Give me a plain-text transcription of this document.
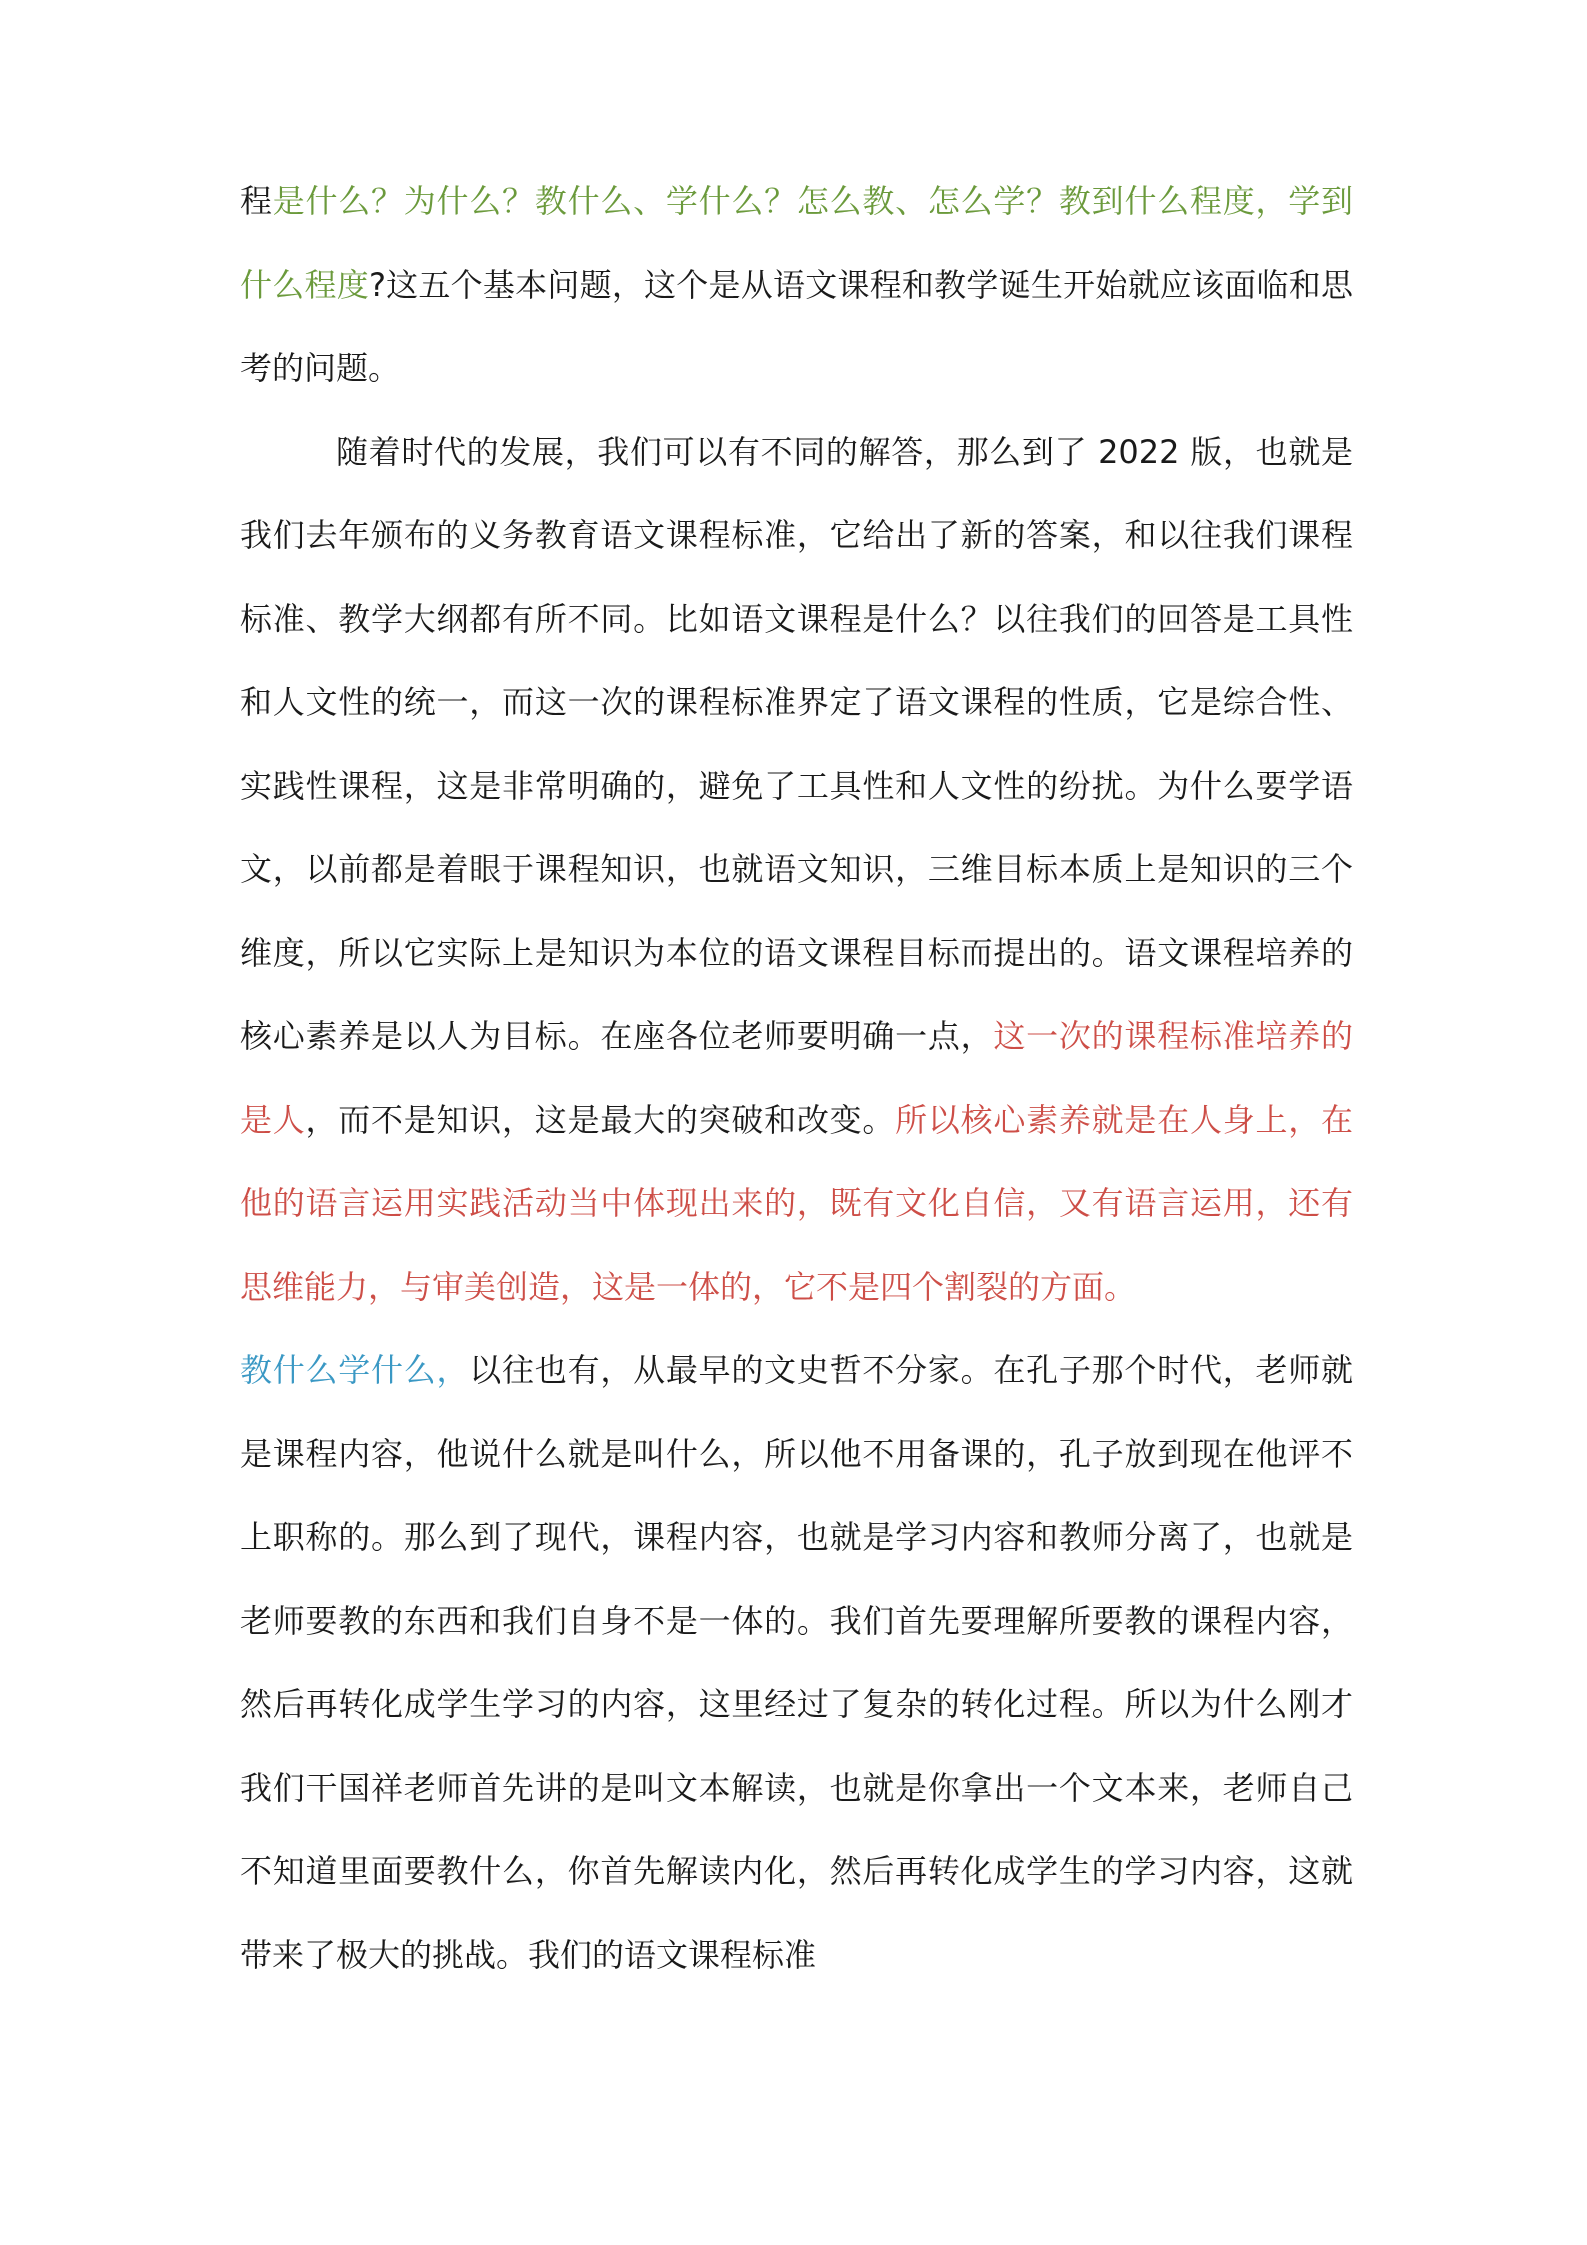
程是什么？为什么？教什么、学什么？怎么教、怎么学？教到什么程度，学到什么程度?这五个基本问题，这个是从语文课程和教学诞生开始就应该面临和思考的问题。

随着时代的发展，我们可以有不同的解答，那么到了 2022 版，也就是我们去年颁布的义务教育语文课程标准，它给出了新的答案，和以往我们课程标准、教学大纲都有所不同。比如语文课程是什么？以往我们的回答是工具性和人文性的统一，而这一次的课程标准界定了语文课程的性质，它是综合性、实践性课程，这是非常明确的，避免了工具性和人文性的纷扰。为什么要学语文，以前都是着眼于课程知识，也就语文知识，三维目标本质上是知识的三个维度，所以它实际上是知识为本位的语文课程目标而提出的。语文课程培养的核心素养是以人为目标。在座各位老师要明确一点，这一次的课程标准培养的是人，而不是知识，这是最大的突破和改变。所以核心素养就是在人身上，在他的语言运用实践活动当中体现出来的，既有文化自信，又有语言运用，还有思维能力，与审美创造，这是一体的，它不是四个割裂的方面。

教什么学什么，以往也有，从最早的文史哲不分家。在孔子那个时代，老师就是课程内容，他说什么就是叫什么，所以他不用备课的，孔子放到现在他评不上职称的。那么到了现代，课程内容，也就是学习内容和教师分离了，也就是老师要教的东西和我们自身不是一体的。我们首先要理解所要教的课程内容，然后再转化成学生学习的内容，这里经过了复杂的转化过程。所以为什么刚才我们干国祥老师首先讲的是叫文本解读，也就是你拿出一个文本来，老师自己不知道里面要教什么，你首先解读内化，然后再转化成学生的学习内容，这就带来了极大的挑战。我们的语文课程标准
